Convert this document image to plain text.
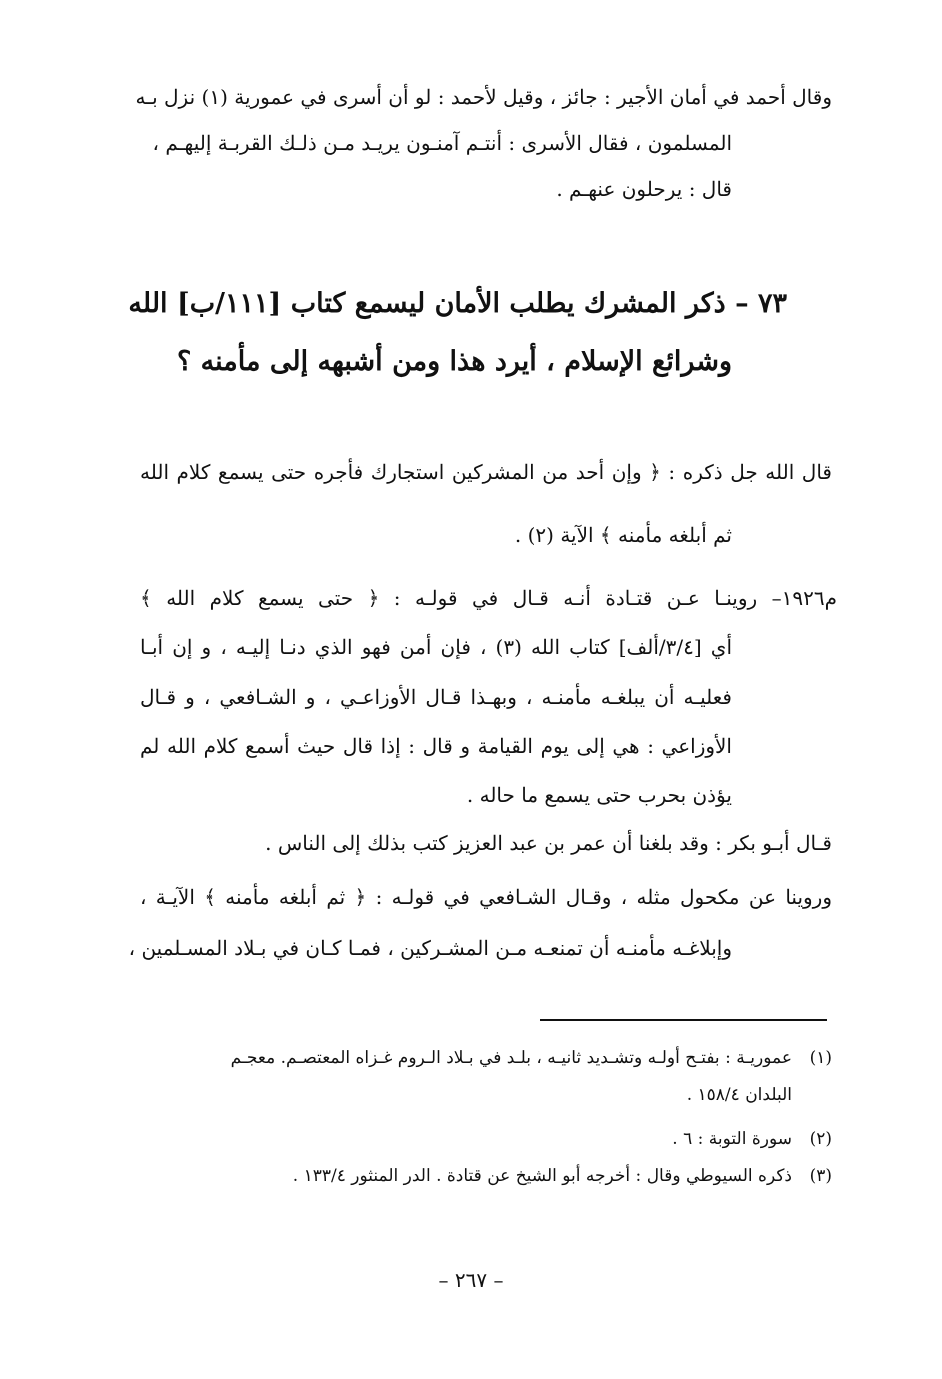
وقال أحمد في أمان الأجير : جائز ، وقيل لأحمد : لو أن أسرى في عمورية (١) نزل بـه
المسلمون ، فقال الأسرى : أنتـم آمنـون يريـد مـن ذلـك القربـة إليهـم ،
قال : يرحلون عنهـم .
٧٣ – ذكر المشرك يطلب الأمان ليسمع كتاب [١١١/ب] الله
وشرائع الإسلام ، أيرد هذا ومن أشبهه إلى مأمنه ؟
قال الله جل ذكره : ﴿ وإن أحد من المشركين استجارك فأجره حتى يسمع كلام الله
ثم أبلغه مأمنه ﴾ الآية (٢) .
م١٩٢٦– روينـا عـن قتـادة أنـه قـال في قولـه : ﴿ حتى يسمع كلام الله ﴾
أي [٣/٤/ألف] كتاب الله (٣) ، فإن أمن فهو الذي دنـا إليـه ، و إن أبـا
فعليـه أن يبلغـه مأمنـه ، وبهـذا قـال الأوزاعـي ، و الشـافعي ، و قـال
الأوزاعي : هي إلى يوم القيامة و قال : إذا قال حيث أسمع كلام الله لم
يؤذن بحرب حتى يسمع ما حاله .
قـال أبـو بكر : وقد بلغنا أن عمر بن عبد العزيز كتب بذلك إلى الناس .
وروينا عن مكحول مثله ، وقـال الشـافعي في قولـه : ﴿ ثم أبلغه مأمنه ﴾ الآيـة ،
وإبلاغـه مأمنـه أن تمنعـه مـن المشـركين ، فمـا كـان في بـلاد المسـلمين ،
(١)عموريـة : بفتـح أولـه وتشـديد ثانيـه ، بلـد في بـلاد الـروم غـزاه المعتصـم. معجـم
البلدان ١٥٨/٤ .
(٢)سورة التوبة : ٦ .
(٣)ذكره السيوطي وقال : أخرجه أبو الشيخ عن قتادة . الدر المنثور ١٣٣/٤ .
– ٢٦٧ –
